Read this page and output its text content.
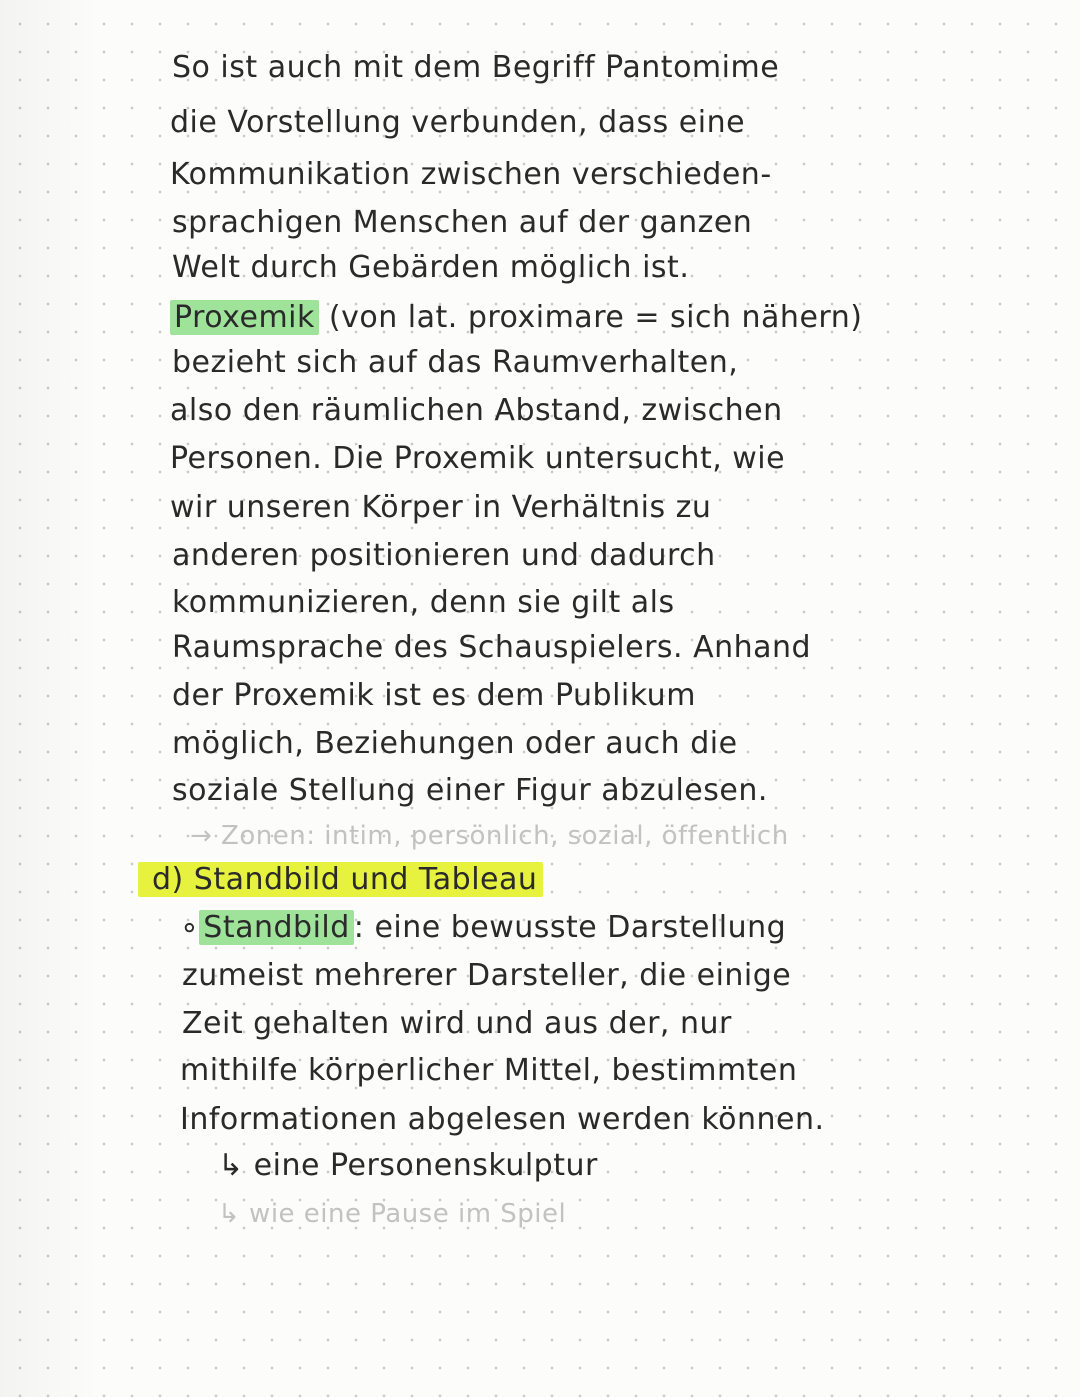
So ist auch mit dem Begriff Pantomime
die Vorstellung verbunden, dass eine
Kommunikation zwischen verschieden-
sprachigen Menschen auf der ganzen
Welt durch Gebärden möglich ist.
Proxemik (von lat. proximare = sich nähern)
bezieht sich auf das Raumverhalten,
also den räumlichen Abstand, zwischen
Personen. Die Proxemik untersucht, wie
wir unseren Körper in Verhältnis zu
anderen positionieren und dadurch
kommunizieren, denn sie gilt als
Raumsprache des Schauspielers. Anhand
der Proxemik ist es dem Publikum
möglich, Beziehungen oder auch die
soziale Stellung einer Figur abzulesen.
→ Zonen: intim, persönlich, sozial, öffentlich
d) Standbild und Tableau
∘ Standbild : eine bewusste Darstellung
zumeist mehrerer Darsteller, die einige
Zeit gehalten wird und aus der, nur
mithilfe körperlicher Mittel, bestimmten
Informationen abgelesen werden können.
↳ eine Personenskulptur
↳ wie eine Pause im Spiel
